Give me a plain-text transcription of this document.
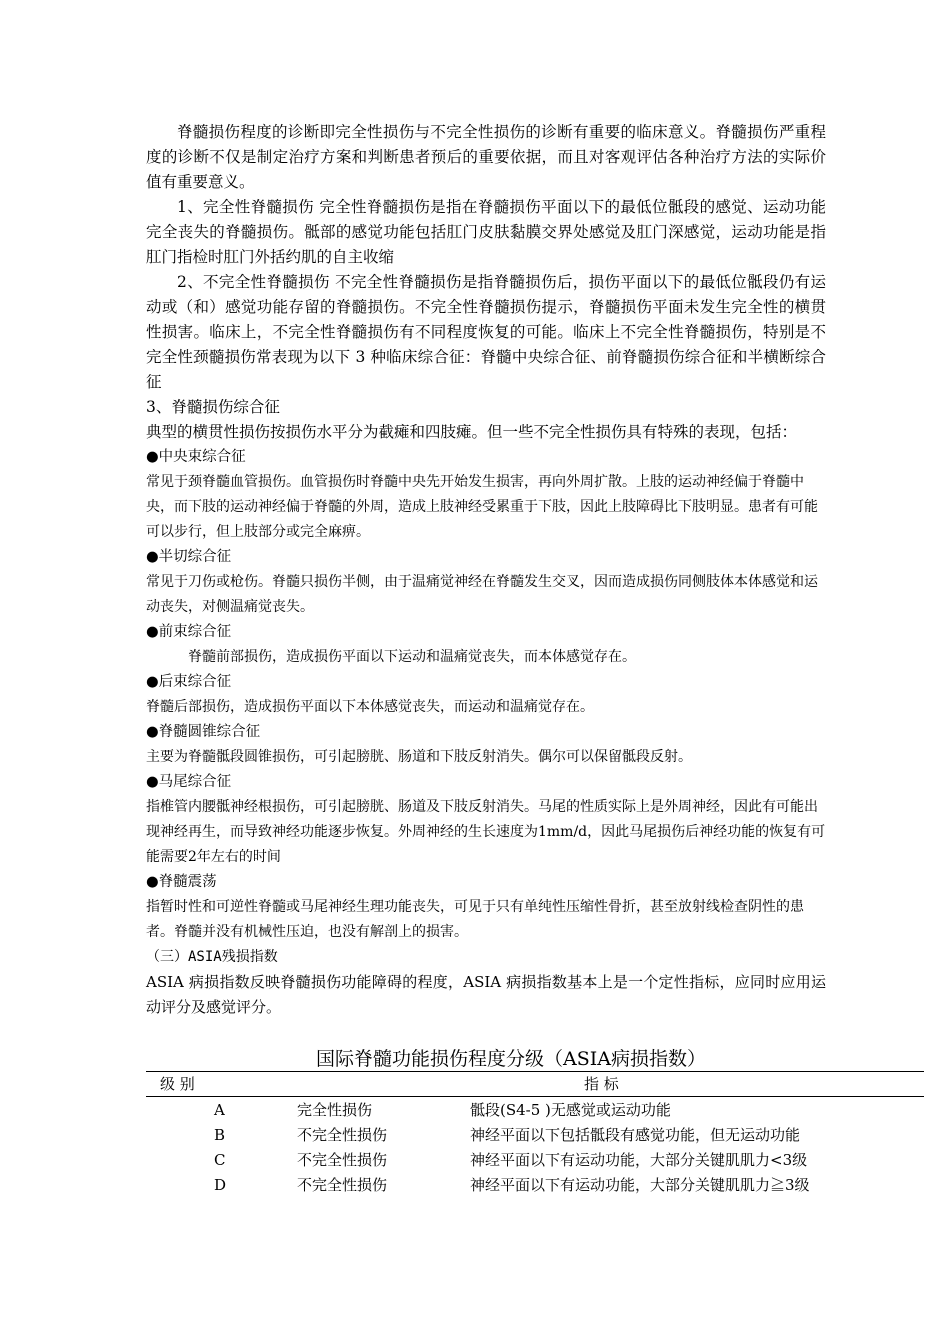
脊髓损伤程度的诊断即完全性损伤与不完全性损伤的诊断有重要的临床意义。脊髓损伤严重程度的诊断不仅是制定治疗方案和判断患者预后的重要依据，而且对客观评估各种治疗方法的实际价值有重要意义。

1、完全性脊髓损伤 完全性脊髓损伤是指在脊髓损伤平面以下的最低位骶段的感觉、运动功能完全丧失的脊髓损伤。骶部的感觉功能包括肛门皮肤黏膜交界处感觉及肛门深感觉，运动功能是指肛门指检时肛门外括约肌的自主收缩

2、不完全性脊髓损伤 不完全性脊髓损伤是指脊髓损伤后，损伤平面以下的最低位骶段仍有运动或（和）感觉功能存留的脊髓损伤。不完全性脊髓损伤提示，脊髓损伤平面未发生完全性的横贯性损害。临床上，不完全性脊髓损伤有不同程度恢复的可能。临床上不完全性脊髓损伤，特别是不完全性颈髓损伤常表现为以下 3 种临床综合征：脊髓中央综合征、前脊髓损伤综合征和半横断综合征

3、脊髓损伤综合征

典型的横贯性损伤按损伤水平分为截瘫和四肢瘫。但一些不完全性损伤具有特殊的表现，包括：

●中央束综合征

常见于颈脊髓血管损伤。血管损伤时脊髓中央先开始发生损害，再向外周扩散。上肢的运动神经偏于脊髓中央，而下肢的运动神经偏于脊髓的外周，造成上肢神经受累重于下肢，因此上肢障碍比下肢明显。患者有可能可以步行，但上肢部分或完全麻痹。

●半切综合征

常见于刀伤或枪伤。脊髓只损伤半侧，由于温痛觉神经在脊髓发生交叉，因而造成损伤同侧肢体本体感觉和运动丧失，对侧温痛觉丧失。

●前束综合征

脊髓前部损伤，造成损伤平面以下运动和温痛觉丧失，而本体感觉存在。

●后束综合征

脊髓后部损伤，造成损伤平面以下本体感觉丧失，而运动和温痛觉存在。

●脊髓圆锥综合征

主要为脊髓骶段圆锥损伤，可引起膀胱、肠道和下肢反射消失。偶尔可以保留骶段反射。

●马尾综合征

指椎管内腰骶神经根损伤，可引起膀胱、肠道及下肢反射消失。马尾的性质实际上是外周神经，因此有可能出现神经再生，而导致神经功能逐步恢复。外周神经的生长速度为1mm/d，因此马尾损伤后神经功能的恢复有可能需要2年左右的时间

●脊髓震荡

指暂时性和可逆性脊髓或马尾神经生理功能丧失，可见于只有单纯性压缩性骨折，甚至放射线检查阴性的患者。脊髓并没有机械性压迫，也没有解剖上的损害。

（三）ASIA残损指数

ASIA 病损指数反映脊髓损伤功能障碍的程度，ASIA 病损指数基本上是一个定性指标，应同时应用运动评分及感觉评分。

国际脊髓功能损伤程度分级（ASIA病损指数）
级 别	指 标
A	完全性损伤	骶段(S4-5 )无感觉或运动功能
B	不完全性损伤	神经平面以下包括骶段有感觉功能，但无运动功能
C	不完全性损伤	神经平面以下有运动功能，大部分关键肌肌力<3级
D	不完全性损伤	神经平面以下有运动功能，大部分关键肌肌力≧3级
